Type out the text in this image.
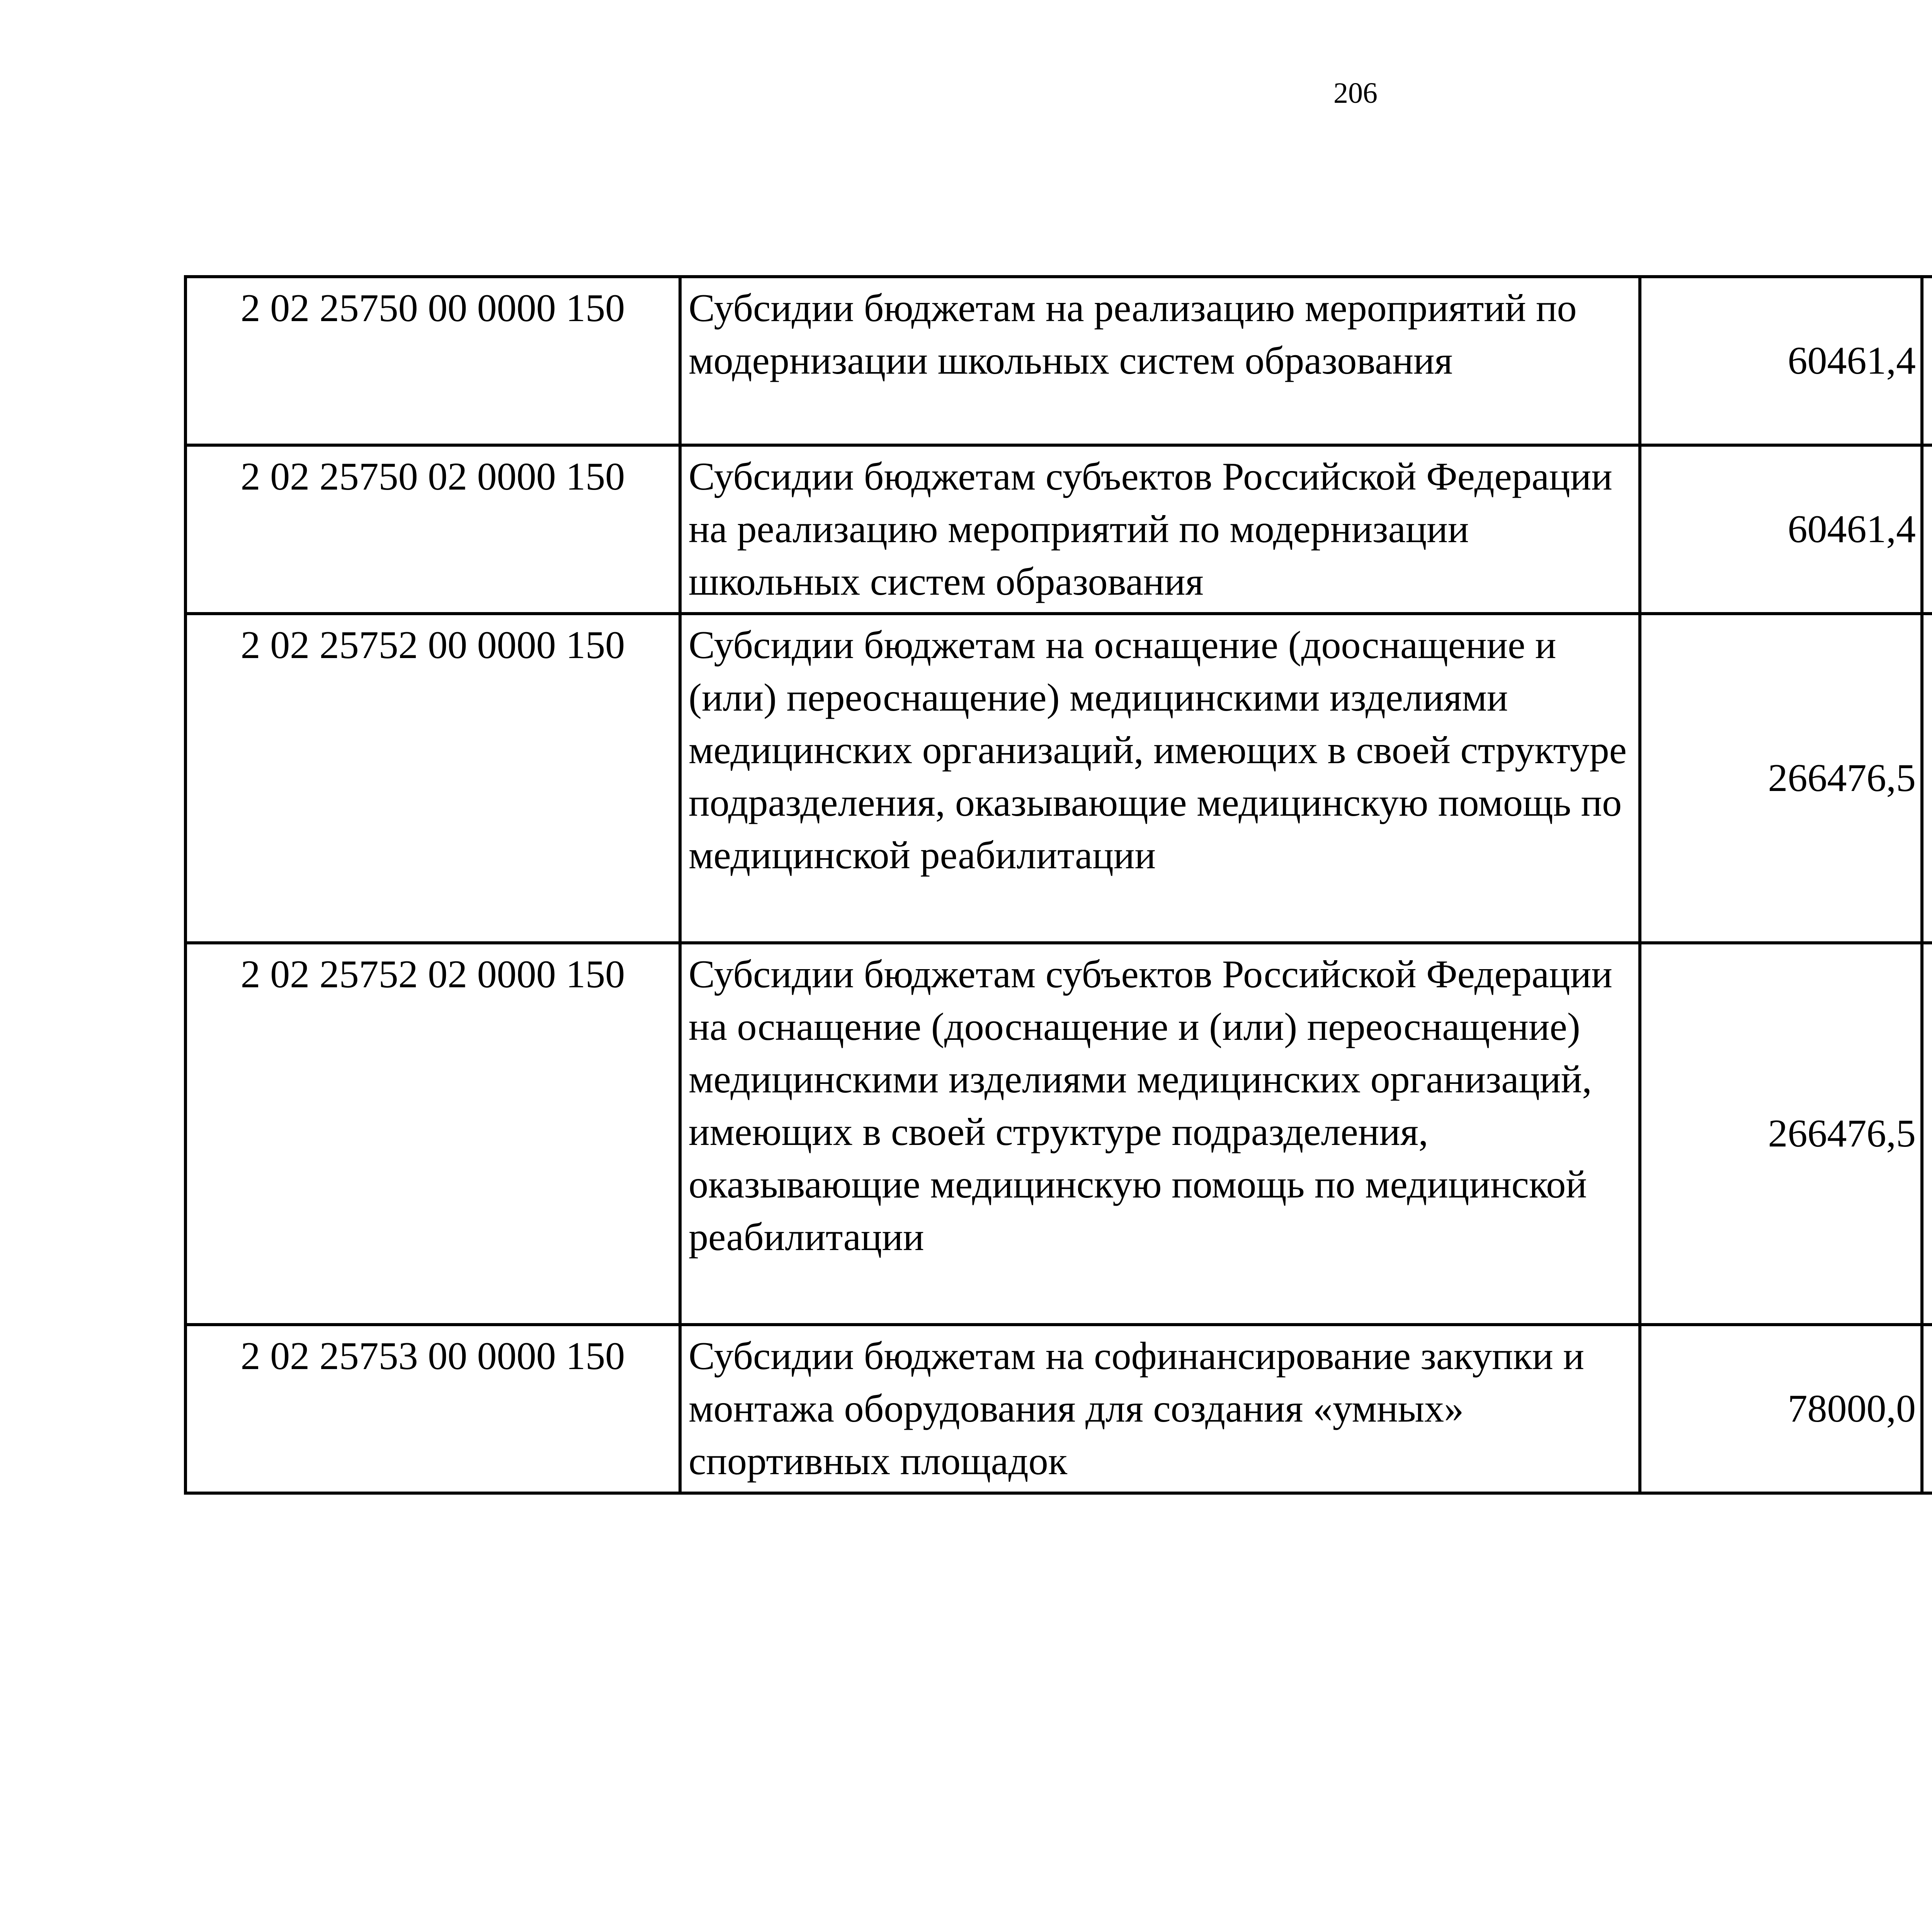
206
2 02 25750 00 0000 150	Субсидии бюджетам на реализацию мероприятий по модернизации школьных систем образования	60461,4		
2 02 25750 02 0000 150	Субсидии бюджетам субъектов Российской Федерации на реализацию мероприятий по модернизации школьных систем образования	60461,4		
2 02 25752 00 0000 150	Субсидии бюджетам на оснащение (дооснащение и (или) переоснащение) медицинскими изделиями медицинских организаций, имеющих в своей структуре подразделения, оказывающие медицинскую помощь по медицинской реабилитации	266476,5		
2 02 25752 02 0000 150	Субсидии бюджетам субъектов Российской Федерации на оснащение (дооснащение и (или) переоснащение) медицинскими изделиями медицинских организаций, имеющих в своей структуре подразделения, оказывающие медицинскую помощь по медицинской реабилитации	266476,5		
2 02 25753 00 0000 150	Субсидии бюджетам на софинансирование закупки и монтажа оборудования для создания «умных» спортивных площадок	78000,0		
